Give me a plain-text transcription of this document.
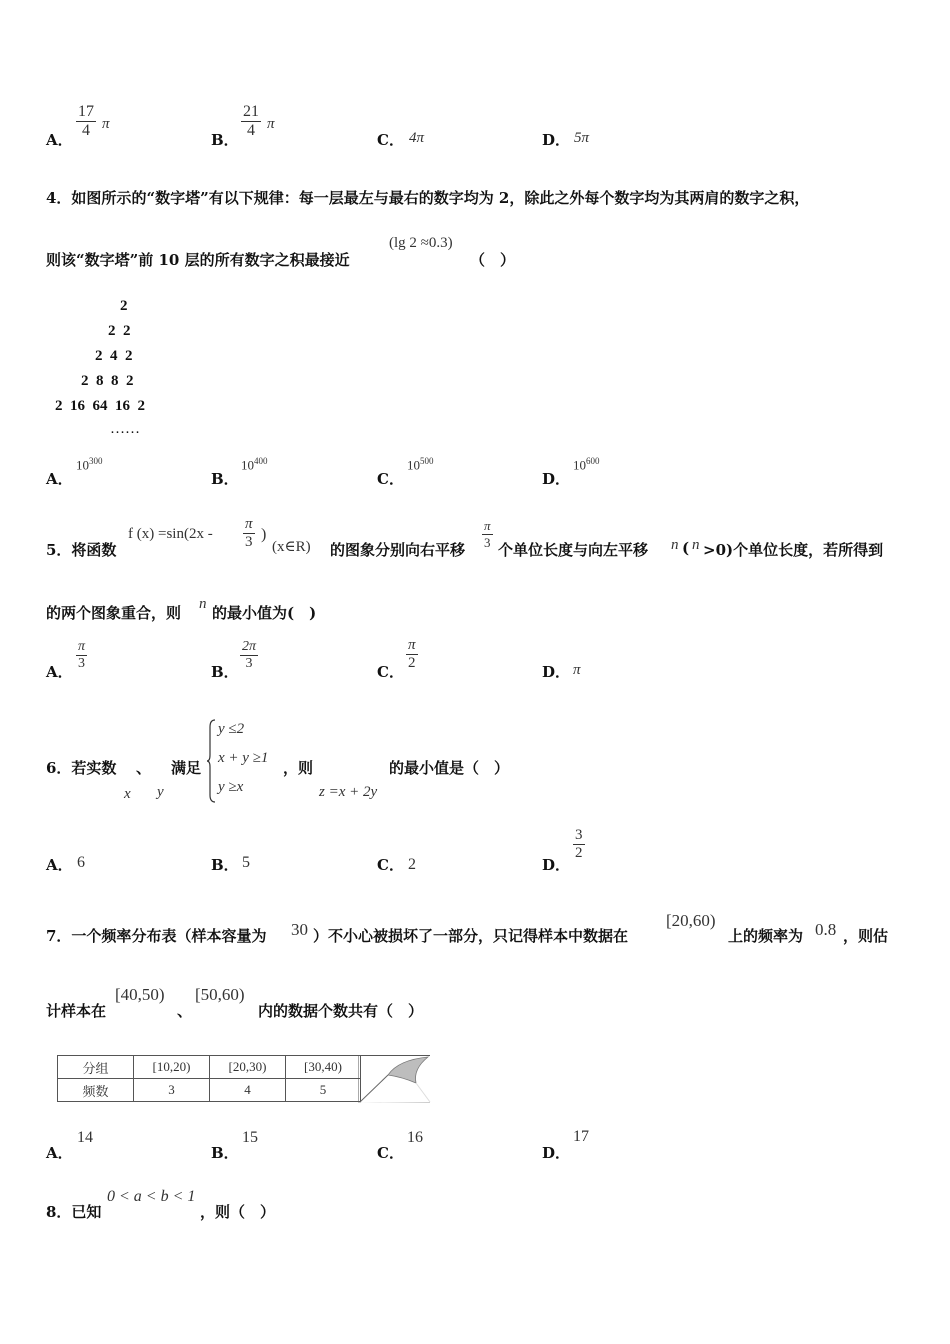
A． $\frac{17}{4}$ π
B． $\frac{21}{4}$ π
C． 4π	D． 5π
4．如图所示的“数字塔”有以下规律：每一层最左与最右的数字均为 2，除此之外每个数字均为其两肩的数字之积，
则该“数字塔”前 10 层的所有数字之积最接近
(lg 2 ≈0.3)
（　）
2
2  2
2  4  2
2  8  8  2
2  16  64  16  2
……
A．
$10^{300}$
B．
$10^{400}$
C．
$10^{500}$
D．
$10^{600}$
5．将函数
f $(x) =\sin(2x - \frac{\pi}{3}$ )
(x∈R) 的图象分别向右平移 $\frac{\pi}{3}$ 个单位长度与向左平移 n ( n >0)个单位长度，若所得到
的两个图象重合，则 n 的最小值为(　)
A． $\frac{\pi}{3}$	B． $\frac{2\pi}{3}$	C． $\frac{\pi}{2}$	D． π
6．若实数 、 满足
x y
y ≤2
x + y ≥1
y ≥x
，则
z =x + 2y
的最小值是（　）
A． 6	B． 5	C． 2	D．
$\frac{3}{2}$
7．一个频率分布表（样本容量为 30 ）不小心被损坏了一部分，只记得样本中数据在
[20,60)
上的频率为 0.8 ，则估
计样本在
[40,50)
、
[50,60)
内的数据个数共有（　）
分组	[10,20)	[20,30)	[30,40)
频数	3	4	5
A．
14
B．
15
C．
16
D．
17
8．已知
0 < a < b < 1
，则（　）
